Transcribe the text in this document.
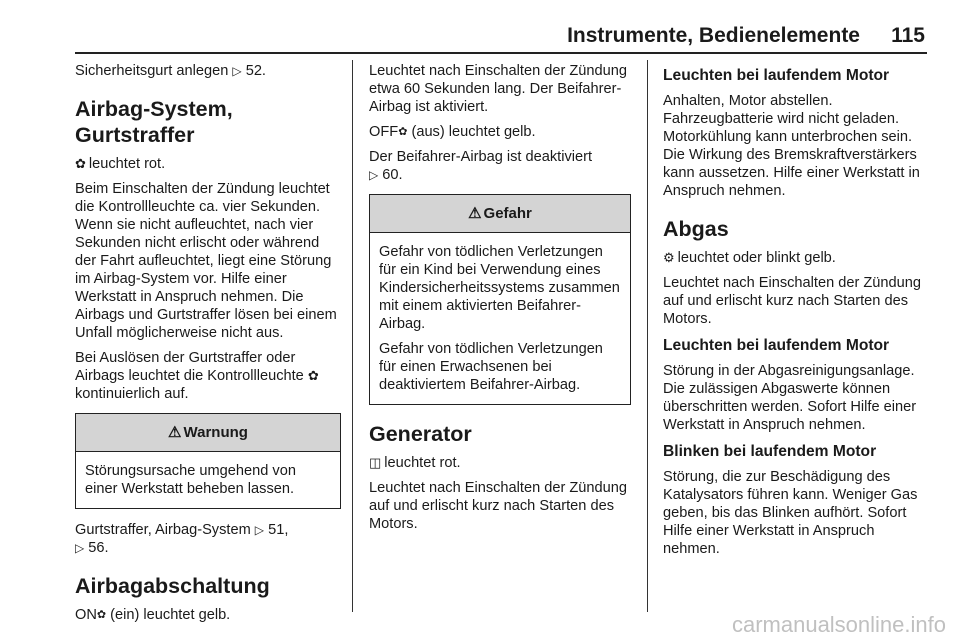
Instrumente, Bedienelemente	115

Sicherheitsgurt anlegen ▷ 52.

Airbag-System, Gurtstraffer

✿ leuchtet rot.

Beim Einschalten der Zündung leuchtet die Kontrollleuchte ca. vier Sekunden. Wenn sie nicht aufleuchtet, nach vier Sekunden nicht erlischt oder während der Fahrt aufleuchtet, liegt eine Störung im Airbag-System vor. Hilfe einer Werkstatt in Anspruch nehmen. Die Airbags und Gurtstraffer lösen bei einem Unfall möglicherweise nicht aus.

Bei Auslösen der Gurtstraffer oder Airbags leuchtet die Kontrollleuchte ✿kontinuierlich auf.

⚠ Warnung

Störungsursache umgehend von einer Werkstatt beheben lassen.

Gurtstraffer, Airbag-System ▷ 51,
▷ 56.

Airbagabschaltung

ON✿ (ein) leuchtet gelb.

Leuchtet nach Einschalten der Zündung etwa 60 Sekunden lang. Der Beifahrer-Airbag ist aktiviert.

OFF✿ (aus) leuchtet gelb.

Der Beifahrer-Airbag ist deaktiviert
▷ 60.

⚠ Gefahr

Gefahr von tödlichen Verletzungen für ein Kind bei Verwendung eines Kindersicherheitssystems zusammen mit einem aktivierten Beifahrer-Airbag.

Gefahr von tödlichen Verletzungen für einen Erwachsenen bei deaktiviertem Beifahrer-Airbag.

Generator

◫ leuchtet rot.

Leuchtet nach Einschalten der Zündung auf und erlischt kurz nach Starten des Motors.

Leuchten bei laufendem Motor

Anhalten, Motor abstellen. Fahrzeugbatterie wird nicht geladen. Motorkühlung kann unterbrochen sein. Die Wirkung des Bremskraftverstärkers kann aussetzen. Hilfe einer Werkstatt in Anspruch nehmen.

Abgas

⚙ leuchtet oder blinkt gelb.

Leuchtet nach Einschalten der Zündung auf und erlischt kurz nach Starten des Motors.

Leuchten bei laufendem Motor

Störung in der Abgasreinigungsanlage. Die zulässigen Abgaswerte können überschritten werden. Sofort Hilfe einer Werkstatt in Anspruch nehmen.

Blinken bei laufendem Motor

Störung, die zur Beschädigung des Katalysators führen kann. Weniger Gas geben, bis das Blinken aufhört. Sofort Hilfe einer Werkstatt in Anspruch nehmen.

carmanualsonline.info
